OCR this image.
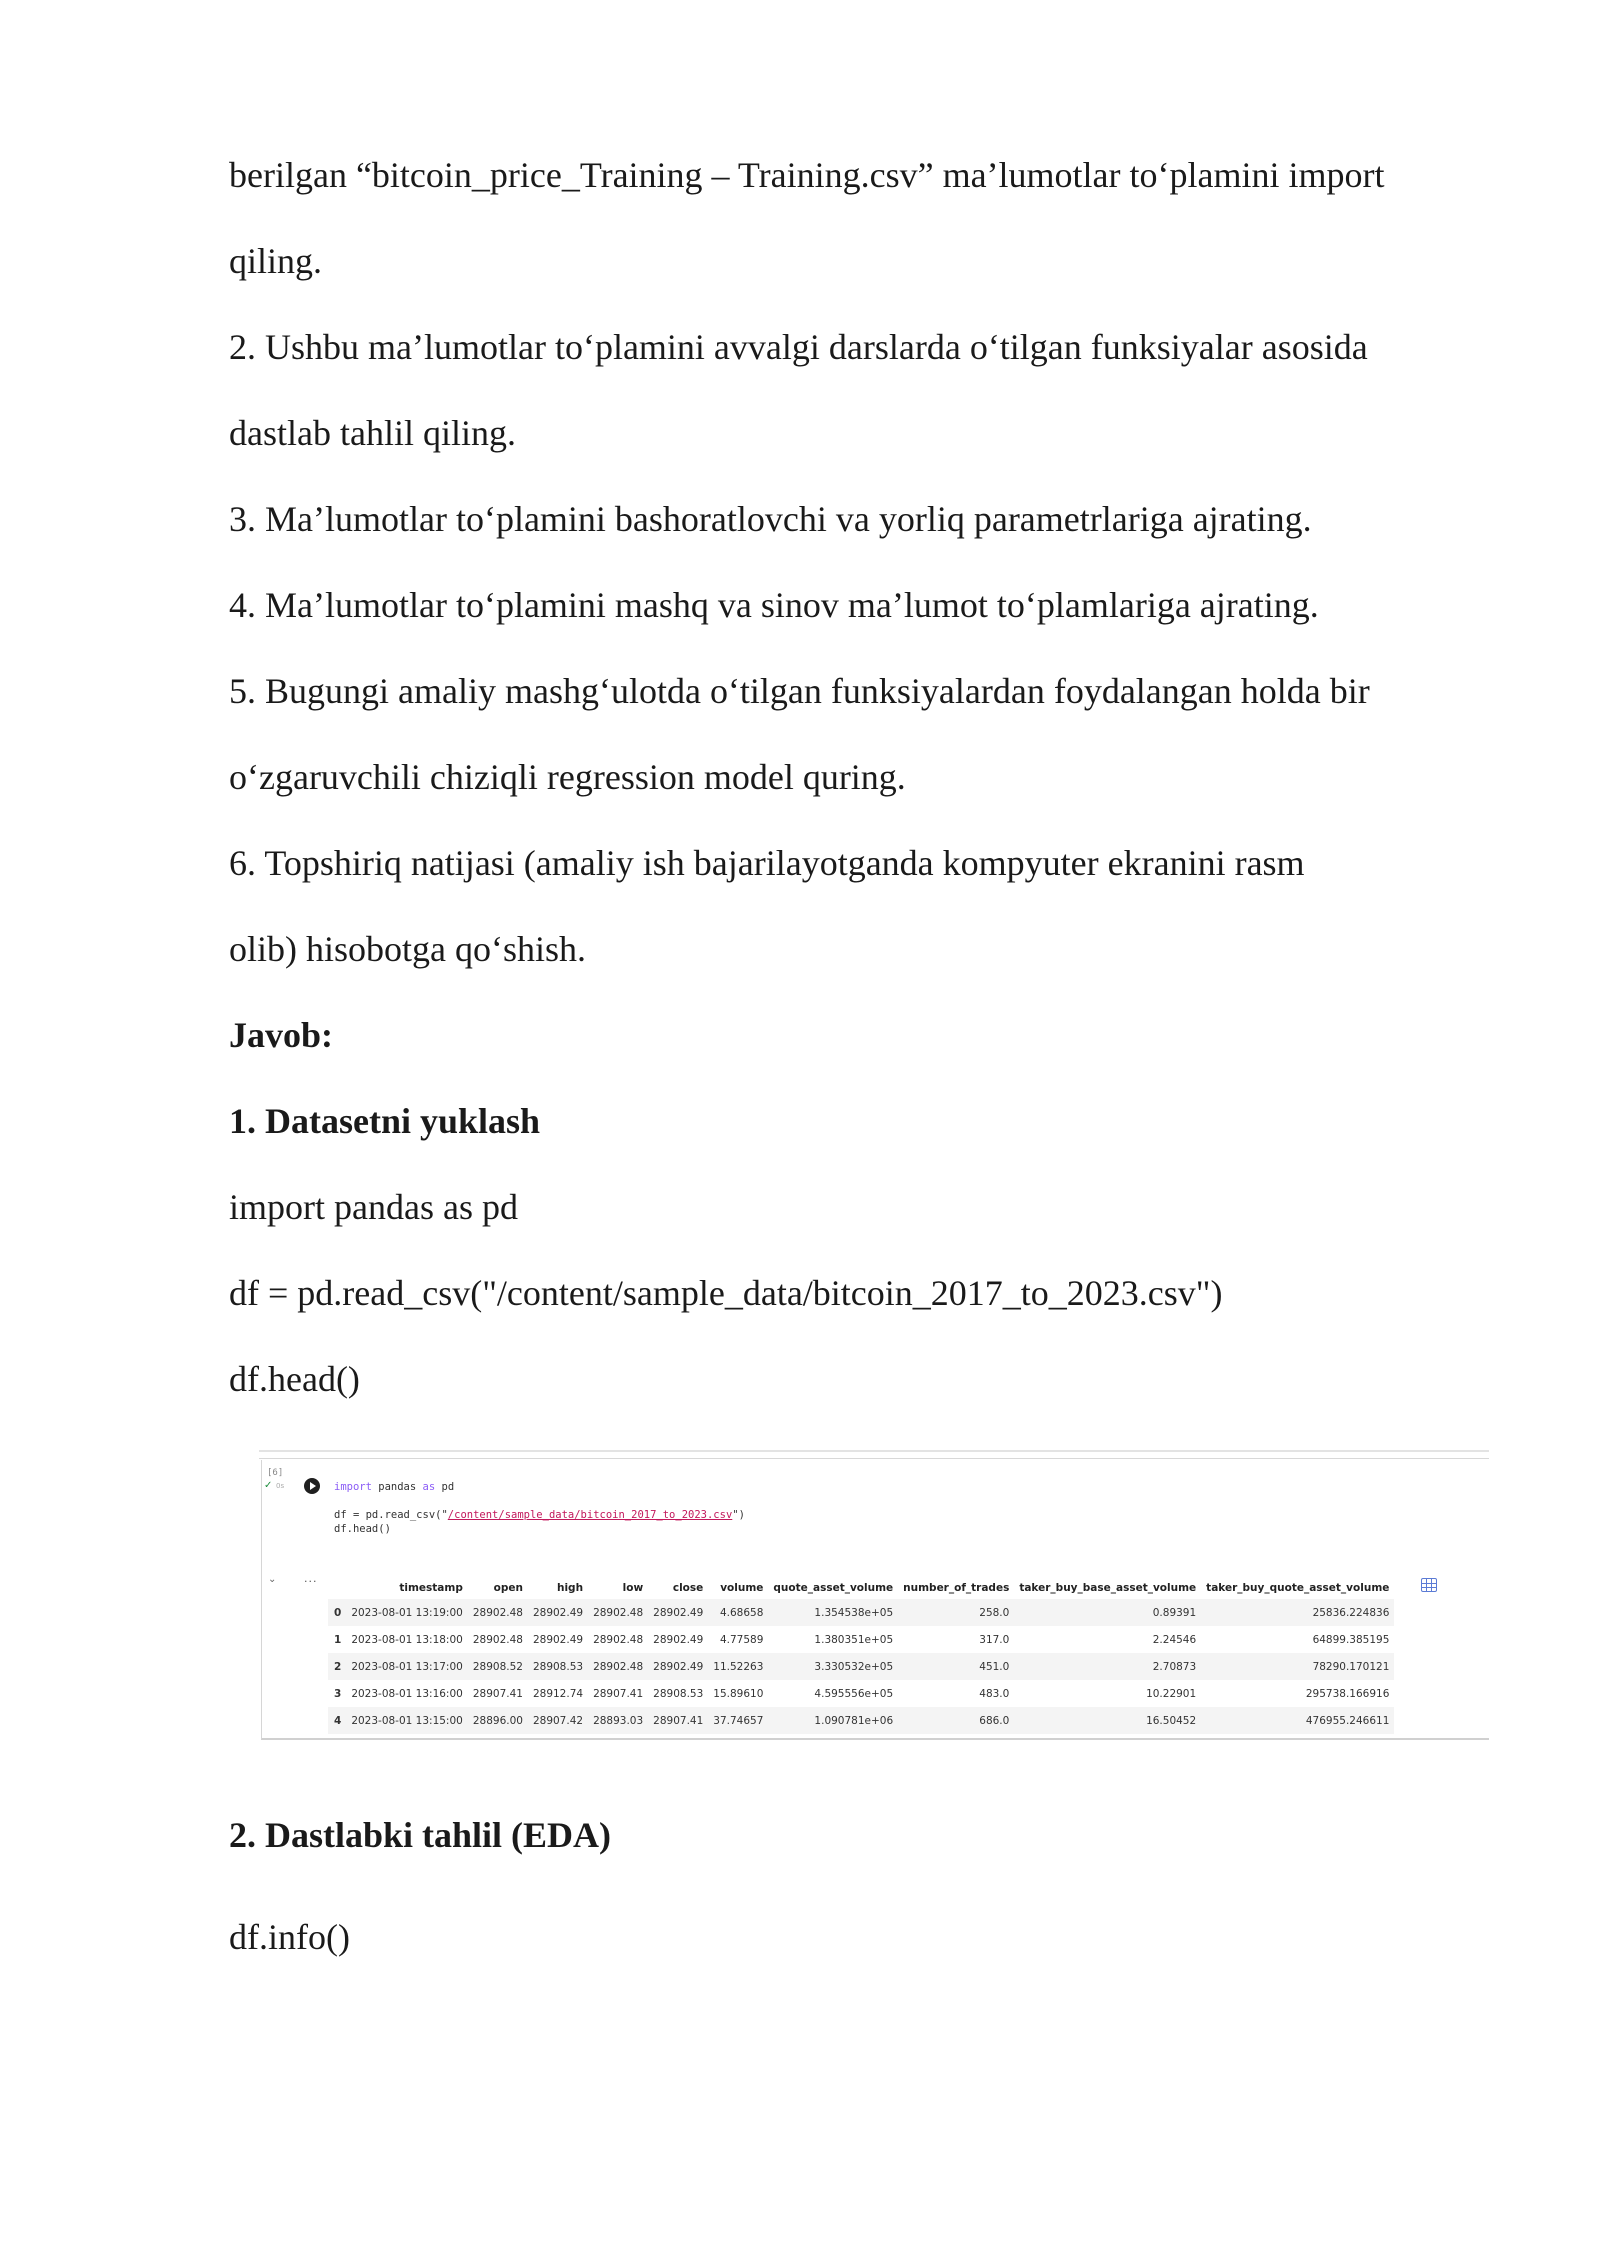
berilgan “bitcoin_price_Training – Training.csv” ma’lumotlar to‘plamini import
qiling.
2. Ushbu ma’lumotlar to‘plamini avvalgi darslarda o‘tilgan funksiyalar asosida
dastlab tahlil qiling.
3. Ma’lumotlar to‘plamini bashoratlovchi va yorliq parametrlariga ajrating.
4. Ma’lumotlar to‘plamini mashq va sinov ma’lumot to‘plamlariga ajrating.
5. Bugungi amaliy mashg‘ulotda o‘tilgan funksiyalardan foydalangan holda bir
o‘zgaruvchili chiziqli regression model quring.
6. Topshiriq natijasi (amaliy ish bajarilayotganda kompyuter ekranini rasm
olib) hisobotga qo‘shish.
Javob:
1. Datasetni yuklash
import pandas as pd
df = pd.read_csv("/content/sample_data/bitcoin_2017_to_2023.csv")
df.head()
[6]
✓ 0s	import pandas as pd

df = pd.read_csv("/content/sample_data/bitcoin_2017_to_2023.csv")
df.head()
⌄	...
	timestamp	open	high	low	close	volume	quote_asset_volume	number_of_trades	taker_buy_base_asset_volume	taker_buy_quote_asset_volume
0	2023-08-01 13:19:00	28902.48	28902.49	28902.48	28902.49	4.68658	1.354538e+05	258.0	0.89391	25836.224836
1	2023-08-01 13:18:00	28902.48	28902.49	28902.48	28902.49	4.77589	1.380351e+05	317.0	2.24546	64899.385195
2	2023-08-01 13:17:00	28908.52	28908.53	28902.48	28902.49	11.52263	3.330532e+05	451.0	2.70873	78290.170121
3	2023-08-01 13:16:00	28907.41	28912.74	28907.41	28908.53	15.89610	4.595556e+05	483.0	10.22901	295738.166916
4	2023-08-01 13:15:00	28896.00	28907.42	28893.03	28907.41	37.74657	1.090781e+06	686.0	16.50452	476955.246611
2. Dastlabki tahlil (EDA)
df.info()
